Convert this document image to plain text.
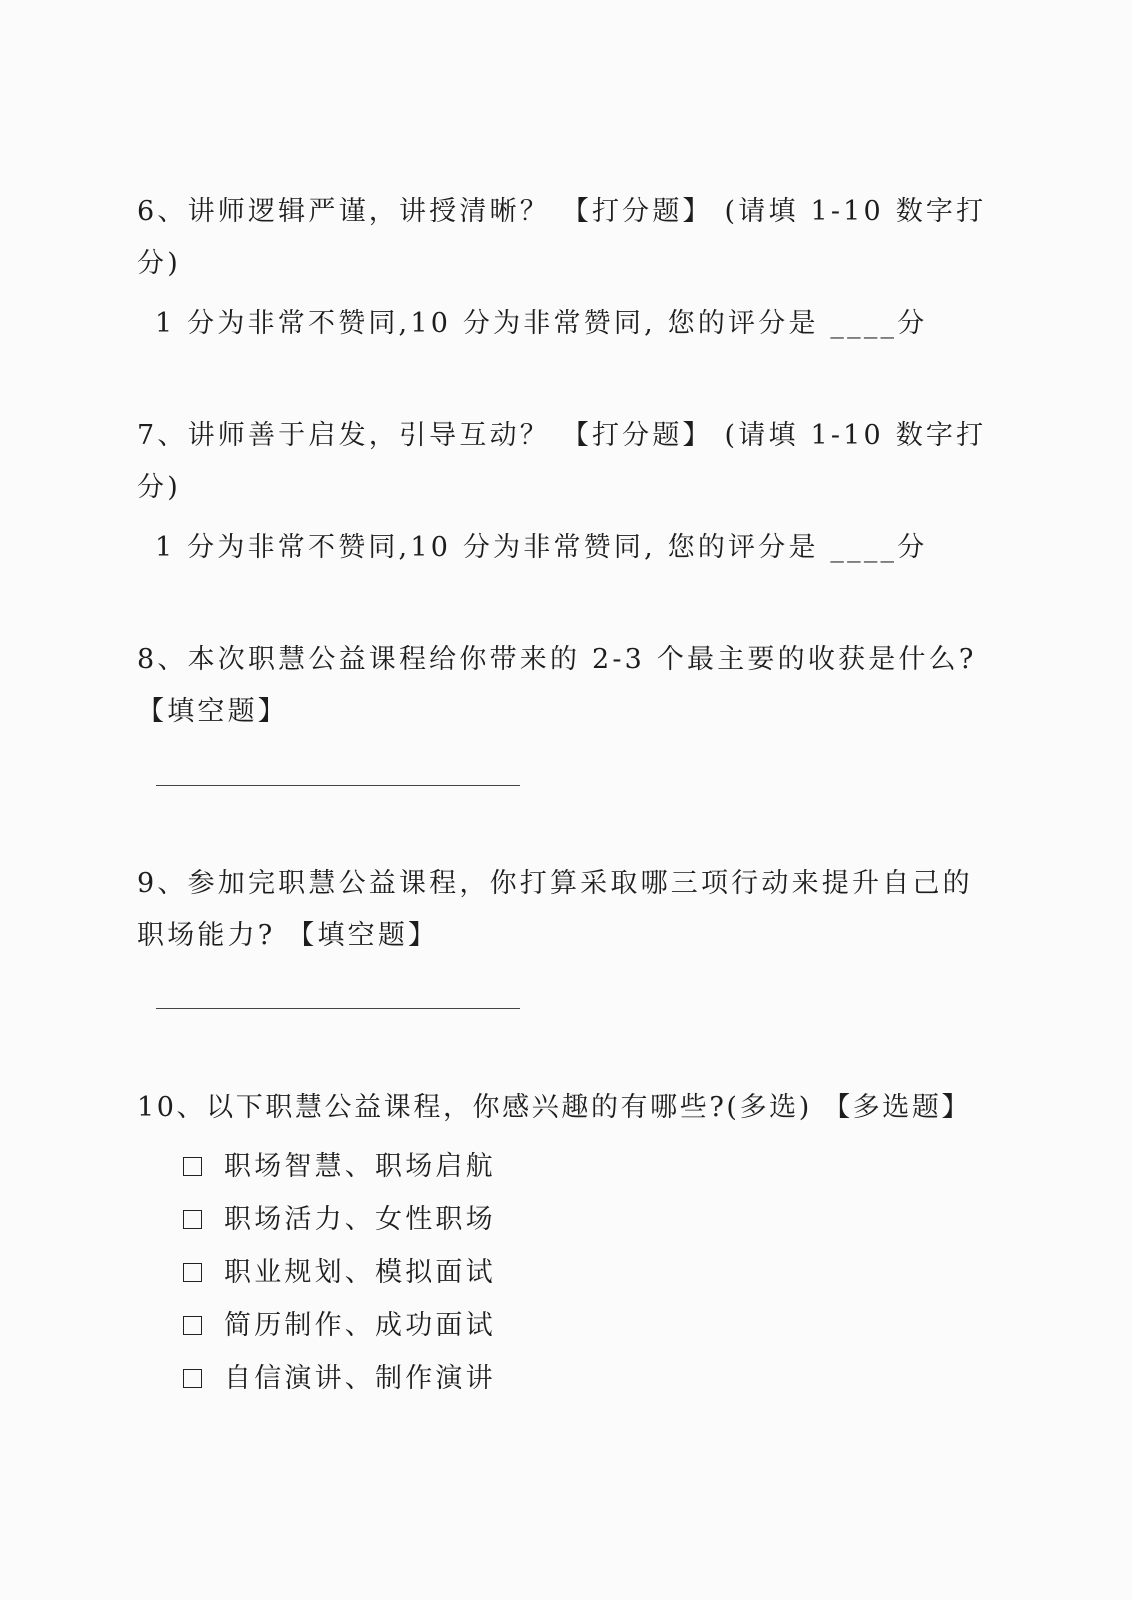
6、讲师逻辑严谨，讲授清晰？ 【打分题】 (请填 1-10 数字打
分)
1 分为非常不赞同,10 分为非常赞同, 您的评分是 ____分
7、讲师善于启发，引导互动？ 【打分题】 (请填 1-10 数字打
分)
1 分为非常不赞同,10 分为非常赞同, 您的评分是 ____分
8、本次职慧公益课程给你带来的 2-3 个最主要的收获是什么?
【填空题】
9、参加完职慧公益课程，你打算采取哪三项行动来提升自己的
职场能力? 【填空题】
10、以下职慧公益课程，你感兴趣的有哪些?(多选) 【多选题】
职场智慧、职场启航
职场活力、女性职场
职业规划、模拟面试
简历制作、成功面试
自信演讲、制作演讲
